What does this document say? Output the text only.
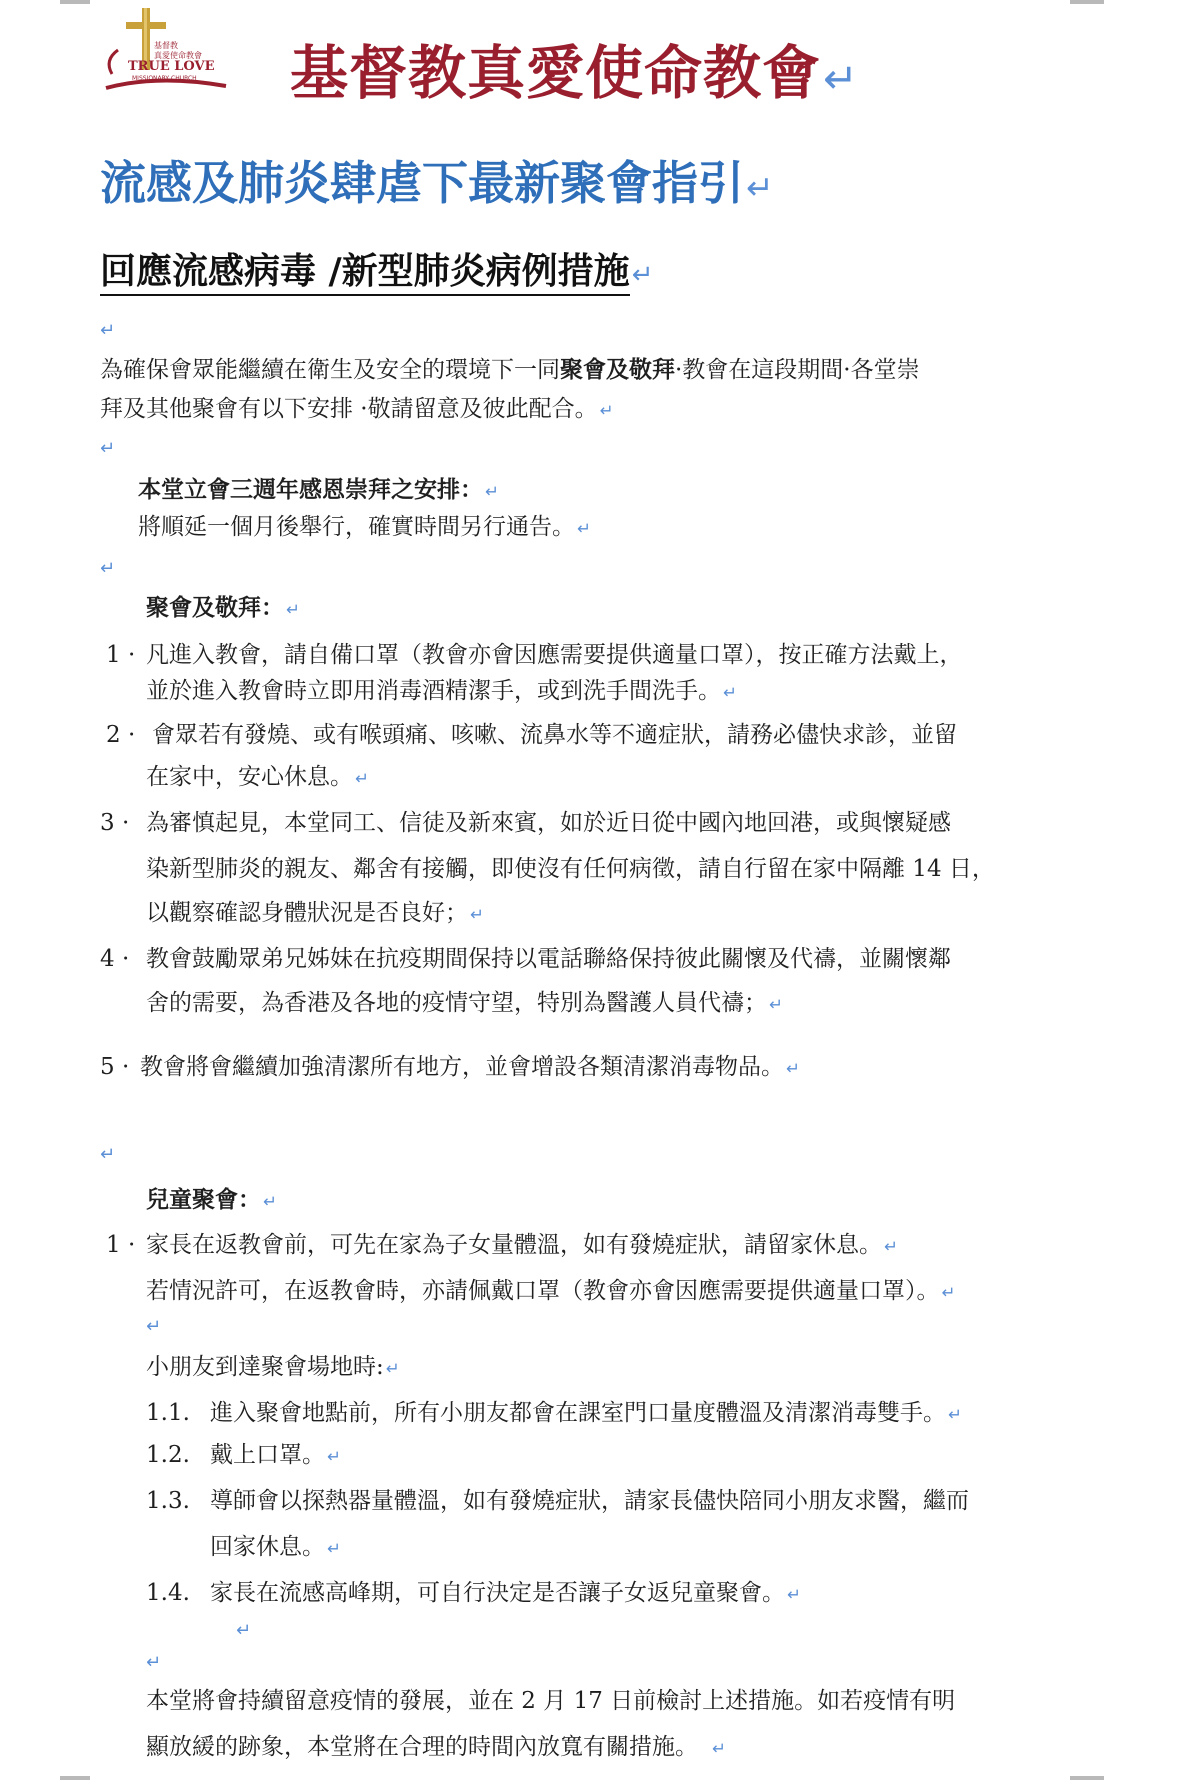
基督教
真愛使命教會
TRUE LOVE
MISSIONARY CHURCH 基督教真愛使命教會↵
流感及肺炎肆虐下最新聚會指引↵
回應流感病毒 /新型肺炎病例措施↵
↵
為確保會眾能繼續在衛生及安全的環境下一同聚會及敬拜·教會在這段期間·各堂崇
拜及其他聚會有以下安排 ·敬請留意及彼此配合。 ↵
↵
本堂立會三週年感恩崇拜之安排： ↵
將順延一個月後舉行，確實時間另行通告。 ↵
↵
聚會及敬拜： ↵
1 · 凡進入教會，請自備口罩（教會亦會因應需要提供適量口罩），按正確方法戴上，
並於進入教會時立即用消毒酒精潔手，或到洗手間洗手。 ↵
2 · 會眾若有發燒、或有喉頭痛、咳嗽、流鼻水等不適症狀，請務必儘快求診，並留
在家中，安心休息。 ↵
3 · 為審慎起見，本堂同工、信徒及新來賓，如於近日從中國內地回港，或與懷疑感
染新型肺炎的親友、鄰舍有接觸，即使沒有任何病徵，請自行留在家中隔離 14 日，
以觀察確認身體狀況是否良好； ↵
4 · 教會鼓勵眾弟兄姊妹在抗疫期間保持以電話聯絡保持彼此關懷及代禱，並關懷鄰
舍的需要，為香港及各地的疫情守望，特別為醫護人員代禱； ↵
5 · 教會將會繼續加強清潔所有地方，並會增設各類清潔消毒物品。 ↵
↵
兒童聚會： ↵
1 · 家長在返教會前，可先在家為子女量體溫，如有發燒症狀，請留家休息。 ↵
若情況許可，在返教會時，亦請佩戴口罩（教會亦會因應需要提供適量口罩）。 ↵
↵
小朋友到達聚會場地時: ↵
1.1. 進入聚會地點前，所有小朋友都會在課室門口量度體溫及清潔消毒雙手。 ↵
1.2. 戴上口罩。 ↵
1.3. 導師會以探熱器量體溫，如有發燒症狀，請家長儘快陪同小朋友求醫，繼而
回家休息。 ↵
1.4. 家長在流感高峰期，可自行決定是否讓子女返兒童聚會。 ↵
↵
↵
本堂將會持續留意疫情的發展，並在 2 月 17 日前檢討上述措施。如若疫情有明
顯放緩的跡象，本堂將在合理的時間內放寬有關措施。 ↵
